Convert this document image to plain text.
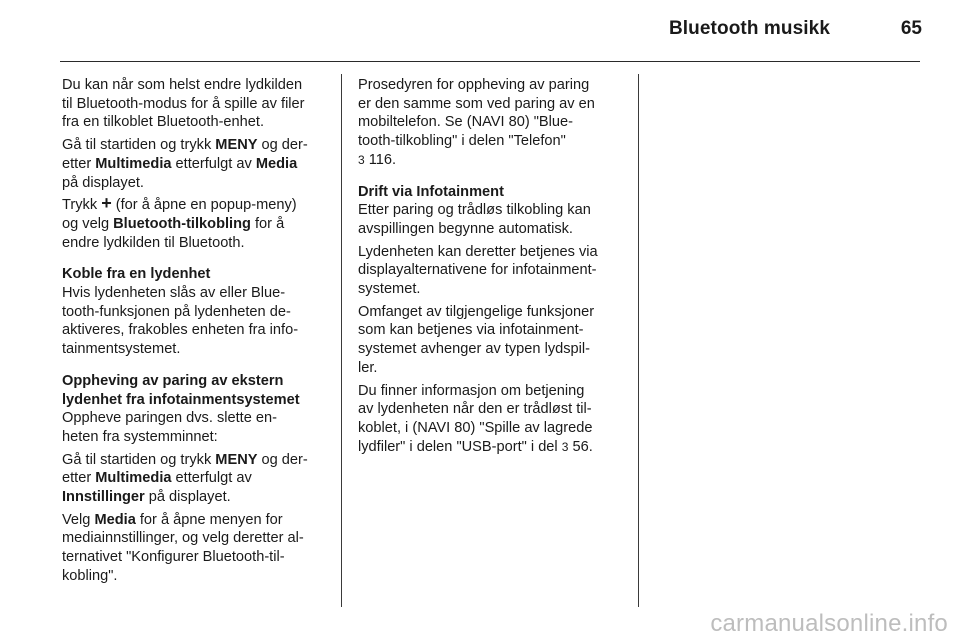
Bluetooth musikk	65

Du kan når som helst endre lydkilden
til Bluetooth-modus for å spille av filer
fra en tilkoblet Bluetooth-enhet.

Gå til startiden og trykk MENY og der-
etter Multimedia etterfulgt av Media
på displayet.

Trykk + (for å åpne en popup-meny)
og velg Bluetooth-tilkobling for å
endre lydkilden til Bluetooth.

Koble fra en lydenhet
Hvis lydenheten slås av eller Blue-
tooth-funksjonen på lydenheten de-
aktiveres, frakobles enheten fra info-
tainmentsystemet.

Oppheving av paring av ekstern
lydenhet fra infotainmentsystemet
Oppheve paringen dvs. slette en-
heten fra systemminnet:

Gå til startiden og trykk MENY og der-
etter Multimedia etterfulgt av
Innstillinger på displayet.

Velg Media for å åpne menyen for
mediainnstillinger, og velg deretter al-
ternativet "Konfigurer Bluetooth-til-
kobling".

Prosedyren for oppheving av paring
er den samme som ved paring av en
mobiltelefon. Se (NAVI 80) "Blue-
tooth-tilkobling" i delen "Telefon"
3 116.

Drift via Infotainment
Etter paring og trådløs tilkobling kan
avspillingen begynne automatisk.

Lydenheten kan deretter betjenes via
displayalternativene for infotainment-
systemet.

Omfanget av tilgjengelige funksjoner
som kan betjenes via infotainment-
systemet avhenger av typen lydspil-
ler.

Du finner informasjon om betjening
av lydenheten når den er trådløst til-
koblet, i (NAVI 80) "Spille av lagrede
lydfiler" i delen "USB-port" i del 3 56.

carmanualsonline.info
